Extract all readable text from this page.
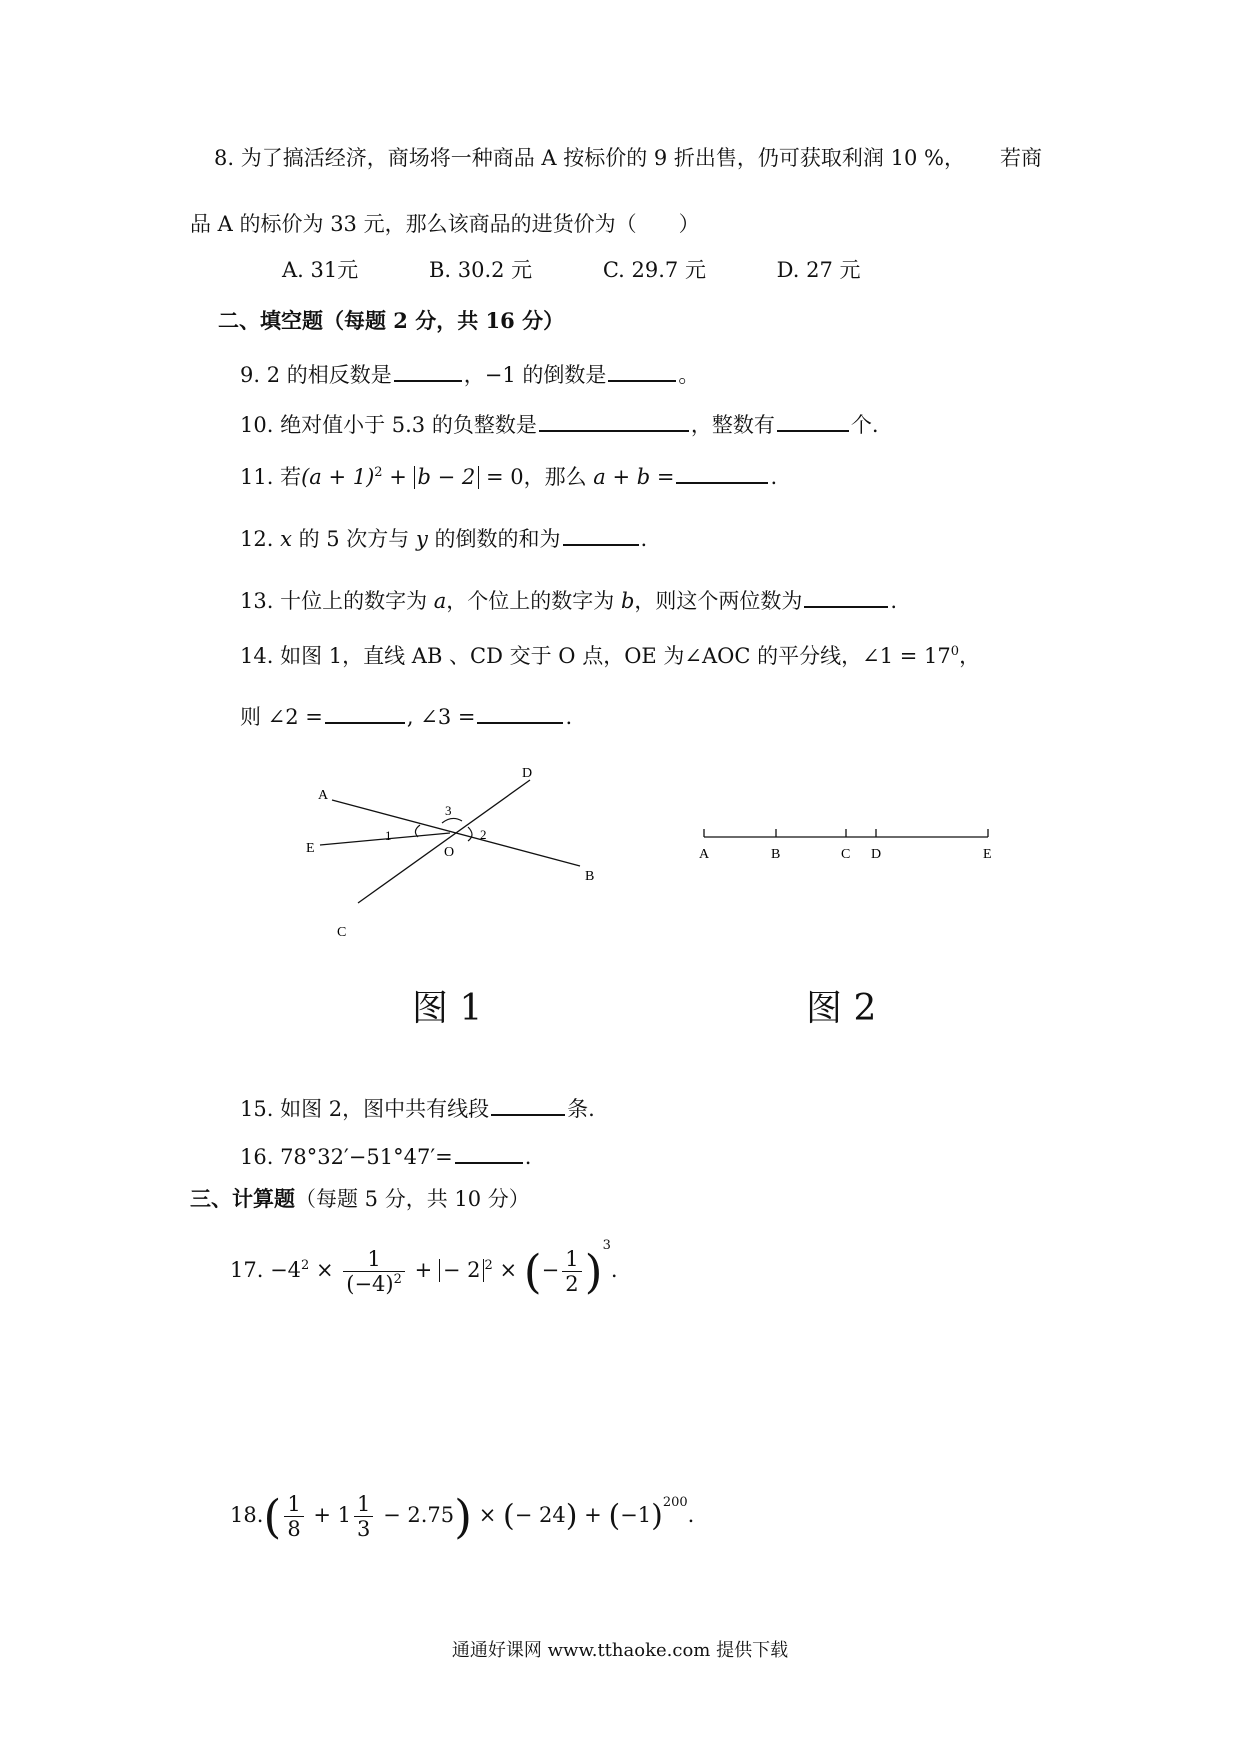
8. 为了搞活经济，商场将一种商品 A 按标价的 9 折出售，仍可获取利润 10 %， 若商
品 A 的标价为 33 元，那么该商品的进货价为（　　）
A. 31元	B. 30.2 元	C. 29.7 元	D. 27 元
二、填空题（每题 2 分，共 16 分）
9. 2 的相反数是	，−1 的倒数是	。
10. 绝对值小于 5.3 的负整数是	，整数有	个.
11. 若$(a + 1)^2 + b - 2 = 0$，那么 a + b =	.
12. x 的 5 次方与 y 的倒数的和为	.
13. 十位上的数字为 a，个位上的数字为 b，则这个两位数为	.
14. 如图 1，直线 AB 、CD 交于 O 点，OE 为∠AOC 的平分线，∠1 = $17^0$，
则 ∠2 =	, ∠3 =	.
A
E
D
B
C
O
1	2
3
A	B	C D	E
图 1	图 2
15. 如图 2，图中共有线段	条.
16. 78°32′−51°47′=	.
三、计算题（每题 5 分，共 10 分）
17. $-4^2 \times \frac{1}{(-4)^2}$ + − 2 $^2$ × (− $\frac{1}{2} )^3$.
$18.( \frac{1}{8} + 1 \frac{1}{3} - 2.75)$ × (− $24) + (-1)^{200}$.
通通好课网 www.tthaoke.com 提供下载
